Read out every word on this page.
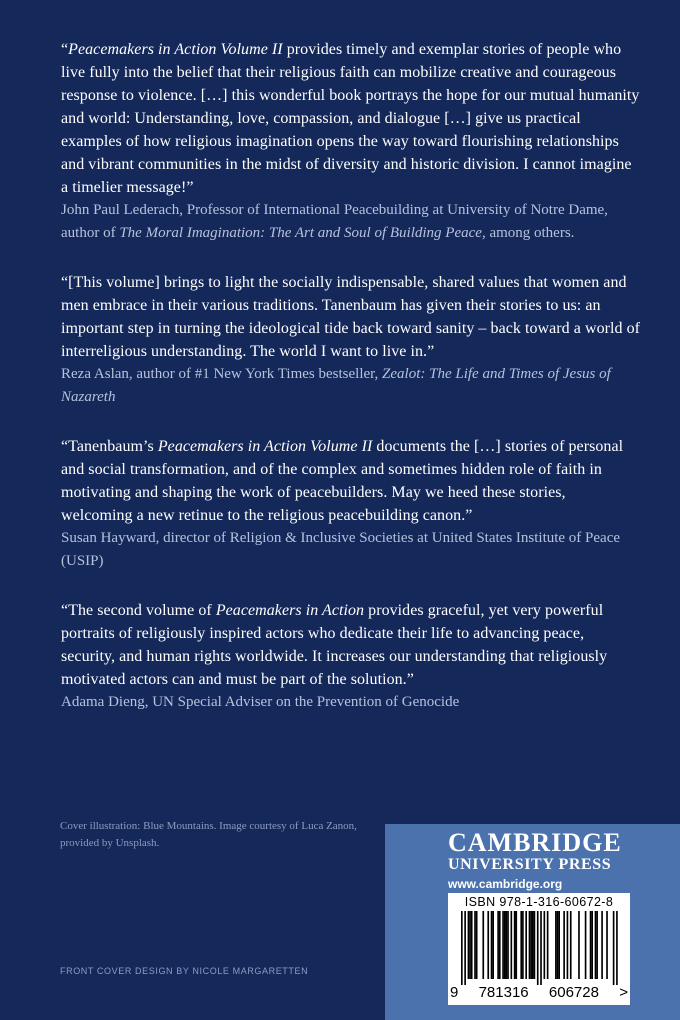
“Peacemakers in Action Volume II provides timely and exemplar stories of people who live fully into the belief that their religious faith can mobilize creative and courageous response to violence. […] this wonderful book portrays the hope for our mutual humanity and world: Understanding, love, compassion, and dialogue […] give us practical examples of how religious imagination opens the way toward flourishing relationships and vibrant communities in the midst of diversity and historic division. I cannot imagine a timelier message!”

John Paul Lederach, Professor of International Peacebuilding at University of Notre Dame, author of The Moral Imagination: The Art and Soul of Building Peace, among others.

“[This volume] brings to light the socially indispensable, shared values that women and men embrace in their various traditions. Tanenbaum has given their stories to us: an important step in turning the ideological tide back toward sanity – back toward a world of interreligious understanding. The world I want to live in.”

Reza Aslan, author of #1 New York Times bestseller, Zealot: The Life and Times of Jesus of Nazareth

“Tanenbaum’s Peacemakers in Action Volume II documents the […] stories of personal and social transformation, and of the complex and sometimes hidden role of faith in motivating and shaping the work of peacebuilders. May we heed these stories, welcoming a new retinue to the religious peacebuilding canon.”

Susan Hayward, director of Religion & Inclusive Societies at United States Institute of Peace (USIP)

“The second volume of Peacemakers in Action provides graceful, yet very powerful portraits of religiously inspired actors who dedicate their life to advancing peace, security, and human rights worldwide. It increases our understanding that religiously motivated actors can and must be part of the solution.”

Adama Dieng, UN Special Adviser on the Prevention of Genocide

Cover illustration: Blue Mountains. Image courtesy of Luca Zanon, provided by Unsplash.
FRONT COVER DESIGN BY NICOLE MARGARETTEN
CAMBRIDGE
UNIVERSITY PRESS
www.cambridge.org
ISBN 978-1-316-60672-8
9 781316 606728 >
